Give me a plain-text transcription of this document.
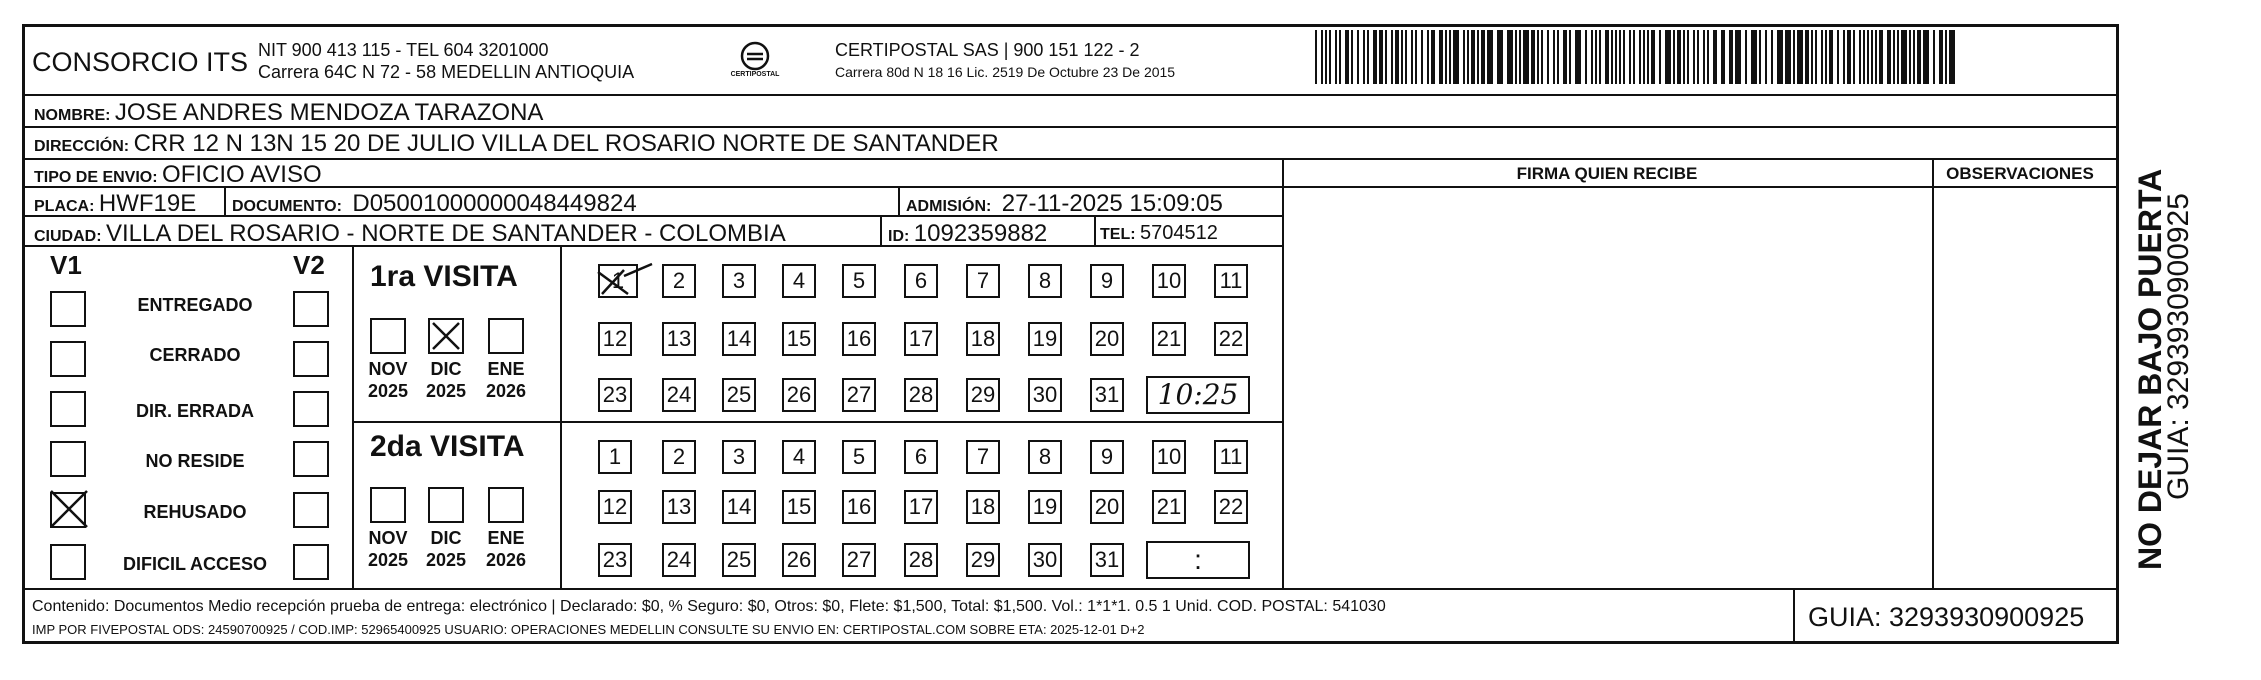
CONSORCIO ITS NIT 900 413 115 - TEL 604 3201000
Carrera 64C N 72 - 58 MEDELLIN ANTIOQUIA	CERTIPOSTAL
CERTIPOSTAL SAS | 900 151 122 - 2
Carrera 80d N 18 16 Lic. 2519 De Octubre 23 De 2015
NOMBRE: JOSE ANDRES MENDOZA TARAZONA
DIRECCIÓN: CRR 12 N 13N 15 20 DE JULIO VILLA DEL ROSARIO NORTE DE SANTANDER
TIPO DE ENVIO: OFICIO AVISO	FIRMA QUIEN RECIBE	OBSERVACIONES
PLACA: HWF19E DOCUMENTO: D05001000000048449824	ADMISIÓN: 27-11-2025 15:09:05
CIUDAD: VILLA DEL ROSARIO - NORTE DE SANTANDER - COLOMBIA	ID: 1092359882	TEL: 5704512
V1	V2 1ra VISITA
2da VISITA
10:25
:
Contenido: Documentos Medio recepción prueba de entrega: electrónico | Declarado: $0, % Seguro: $0, Otros: $0, Flete: $1,500, Total: $1,500. Vol.: 1*1*1. 0.5 1 Unid. COD. POSTAL: 541030
IMP POR FIVEPOSTAL ODS: 24590700925 / COD.IMP: 52965400925 USUARIO: OPERACIONES MEDELLIN CONSULTE SU ENVIO EN: CERTIPOSTAL.COM SOBRE ETA: 2025-12-01 D+2	GUIA: 3293930900925
NO DEJAR BAJO PUERTA
GUIA: 3293930900925
ENTREGADO
CERRADO
DIR. ERRADA
NO RESIDE
REHUSADO
DIFICIL ACCESO
NOV
2025
DIC
2025
ENE
2026
NOV
2025
DIC
2025
ENE
2026
1	2	3	4	5	6	7	8	9	10 11
12 13 14 15 16 17 18 19 20 21 22
23 24 25 26 27 28 29 30 31
1	2	3	4	5	6	7	8	9	10 11
12 13 14 15 16 17 18 19 20 21 22
23 24 25 26 27 28 29 30 31
